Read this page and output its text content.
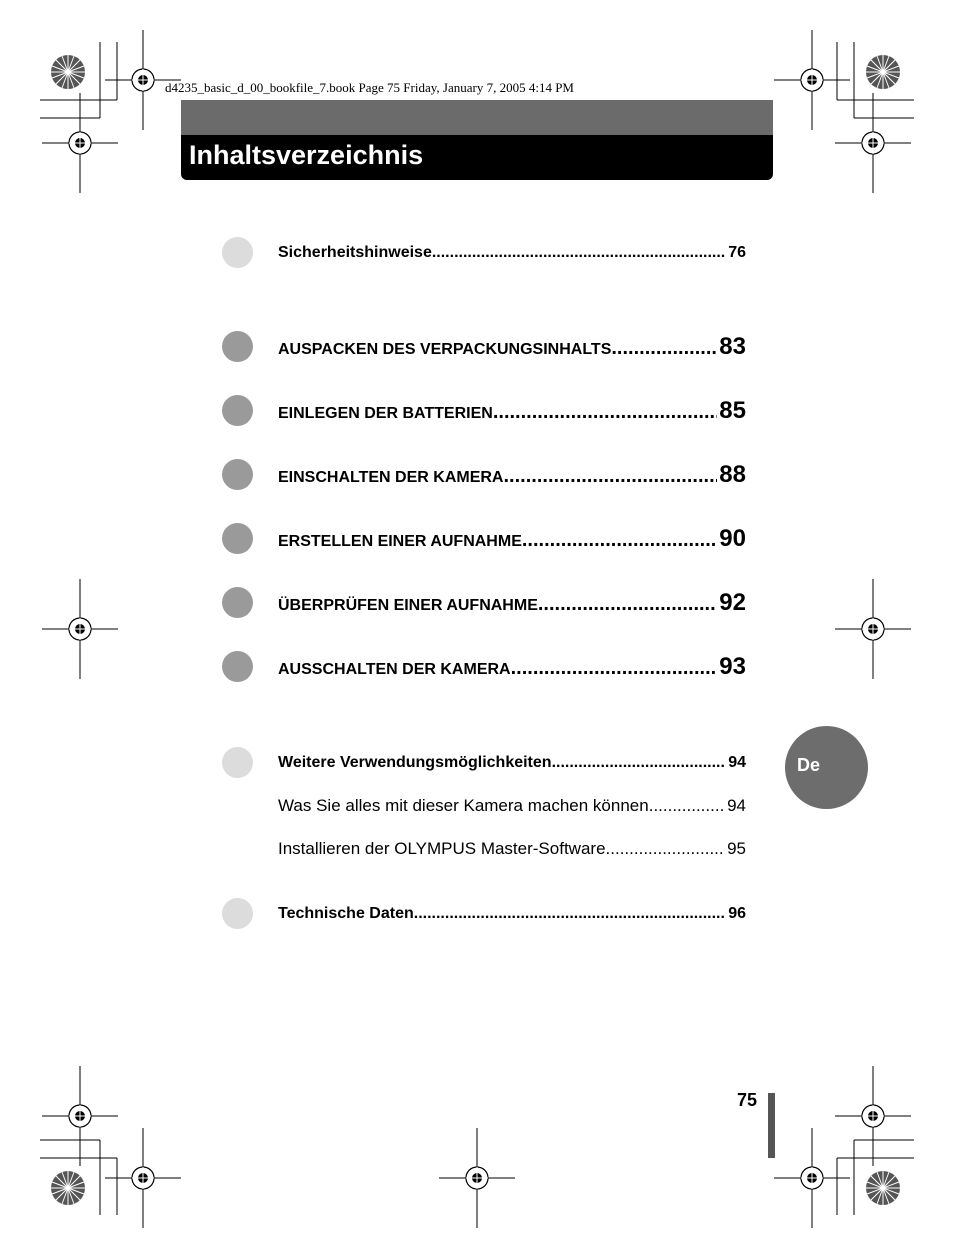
d4235_basic_d_00_bookfile_7.book Page 75 Friday, January 7, 2005 4:14 PM
Inhaltsverzeichnis
Sicherheitshinweise .....	76
AUSPACKEN DES VERPACKUNGSINHALTS .....	83
EINLEGEN DER BATTERIEN .....	85
EINSCHALTEN DER KAMERA .....	88
ERSTELLEN EINER AUFNAHME .....	90
ÜBERPRÜFEN EINER AUFNAHME .....	92
AUSSCHALTEN DER KAMERA .....	93
Weitere Verwendungsmöglichkeiten .....	94
Was Sie alles mit dieser Kamera machen können .....	94
Installieren der OLYMPUS Master-Software .....	95
Technische Daten .....	96
De
75
